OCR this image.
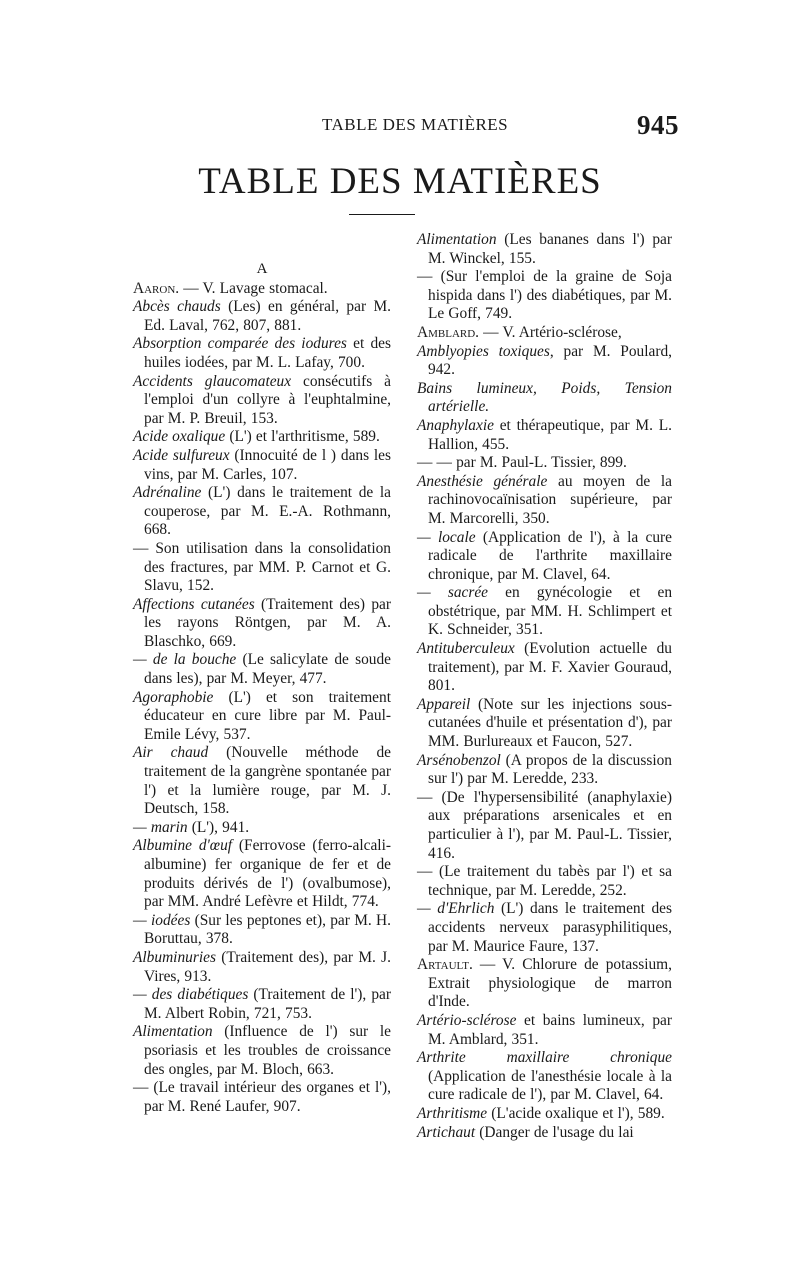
TABLE DES MATIÈRES	945
TABLE DES MATIÈRES
A

Aaron. — V. Lavage stomacal.

Abcès chauds (Les) en général, par M. Ed. Laval, 762, 807, 881.

Absorption comparée des iodures et des huiles iodées, par M. L. Lafay, 700.

Accidents glaucomateux consécutifs à l'emploi d'un collyre à l'euphtalmine, par M. P. Breuil, 153.

Acide oxalique (L') et l'arthritisme, 589.

Acide sulfureux (Innocuité de l ) dans les vins, par M. Carles, 107.

Adrénaline (L') dans le traitement de la couperose, par M. E.-A. Rothmann, 668.

— Son utilisation dans la consolidation des fractures, par MM. P. Carnot et G. Slavu, 152.

Affections cutanées (Traitement des) par les rayons Röntgen, par M. A. Blaschko, 669.

— de la bouche (Le salicylate de soude dans les), par M. Meyer, 477.

Agoraphobie (L') et son traitement éducateur en cure libre par M. Paul-Emile Lévy, 537.

Air chaud (Nouvelle méthode de traitement de la gangrène spontanée par l') et la lumière rouge, par M. J. Deutsch, 158.

— marin (L'), 941.

Albumine d'œuf (Ferrovose (ferro-alcali-albumine) fer organique de fer et de produits dérivés de l') (ovalbumose), par MM. André Lefèvre et Hildt, 774.

— iodées (Sur les peptones et), par M. H. Boruttau, 378.

Albuminuries (Traitement des), par M. J. Vires, 913.

— des diabétiques (Traitement de l'), par M. Albert Robin, 721, 753.

Alimentation (Influence de l') sur le psoriasis et les troubles de croissance des ongles, par M. Bloch, 663.

— (Le travail intérieur des organes et l'), par M. René Laufer, 907.

Alimentation (Les bananes dans l') par M. Winckel, 155.

— (Sur l'emploi de la graine de Soja hispida dans l') des diabétiques, par M. Le Goff, 749.

Amblard. — V. Artério-sclérose,

Amblyopies toxiques, par M. Poulard, 942.

Bains lumineux, Poids, Tension artérielle.

Anaphylaxie et thérapeutique, par M. L. Hallion, 455.

— — par M. Paul-L. Tissier, 899.

Anesthésie générale au moyen de la rachinovocaïnisation supérieure, par M. Marcorelli, 350.

— locale (Application de l'), à la cure radicale de l'arthrite maxillaire chronique, par M. Clavel, 64.

— sacrée en gynécologie et en obstétrique, par MM. H. Schlimpert et K. Schneider, 351.

Antituberculeux (Evolution actuelle du traitement), par M. F. Xavier Gouraud, 801.

Appareil (Note sur les injections sous-cutanées d'huile et présentation d'), par MM. Burlureaux et Faucon, 527.

Arsénobenzol (A propos de la discussion sur l') par M. Leredde, 233.

— (De l'hypersensibilité (anaphylaxie) aux préparations arsenicales et en particulier à l'), par M. Paul-L. Tissier, 416.

— (Le traitement du tabès par l') et sa technique, par M. Leredde, 252.

— d'Ehrlich (L') dans le traitement des accidents nerveux parasyphilitiques, par M. Maurice Faure, 137.

Artault. — V. Chlorure de potassium, Extrait physiologique de marron d'Inde.

Artério-sclérose et bains lumineux, par M. Amblard, 351.

Arthrite maxillaire chronique (Application de l'anesthésie locale à la cure radicale de l'), par M. Clavel, 64.

Arthritisme (L'acide oxalique et l'), 589.

Artichaut (Danger de l'usage du lai
